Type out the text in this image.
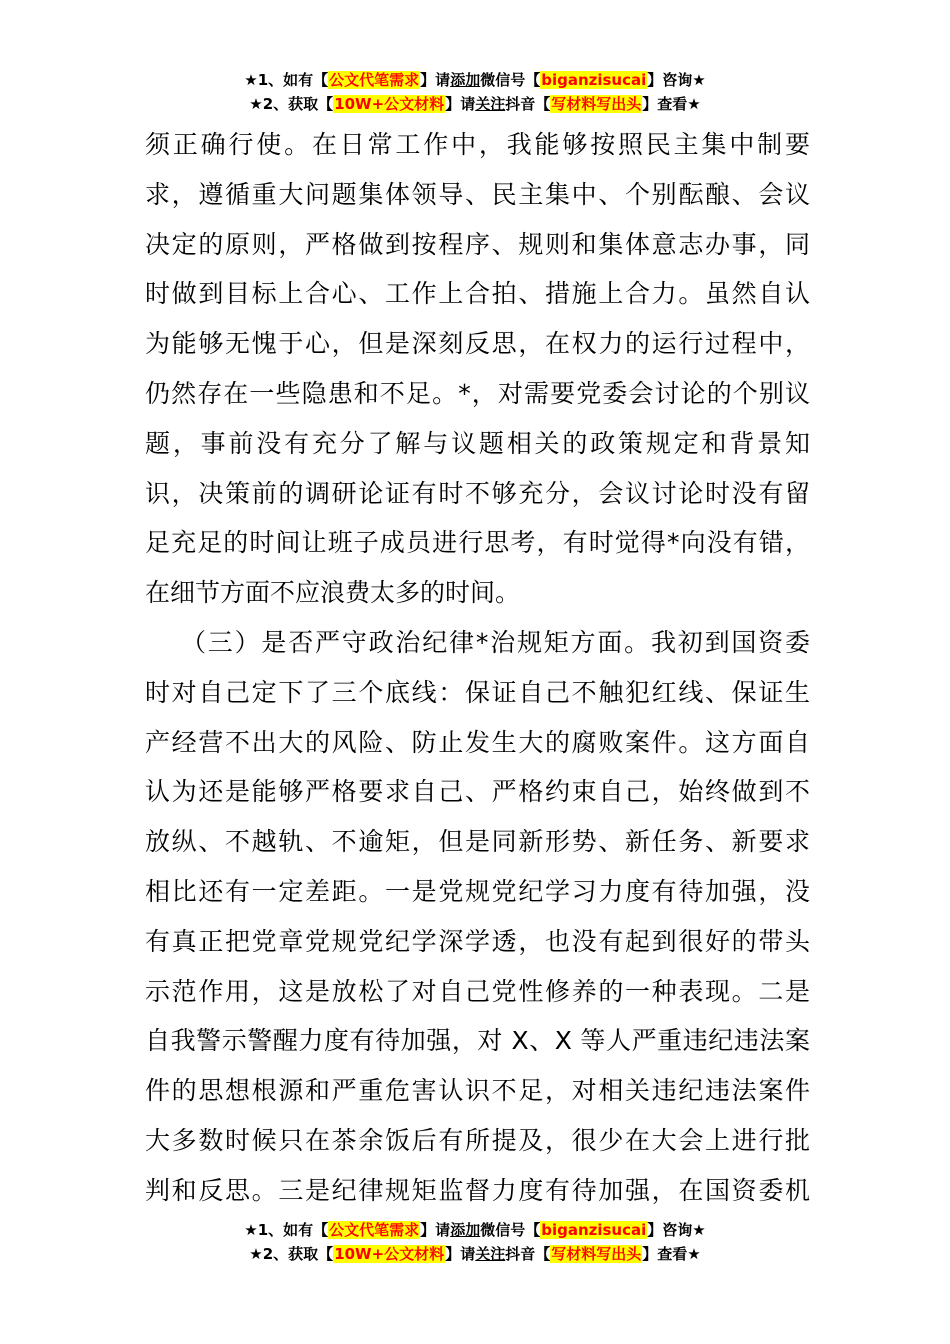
★1、如有【公文代笔需求】请添加微信号【biganzisucai】咨询★
★2、获取【10W+公文材料】请关注抖音【写材料写出头】查看★
须正确行使。在日常工作中，我能够按照民主集中制要
求，遵循重大问题集体领导、民主集中、个别酝酿、会议
决定的原则，严格做到按程序、规则和集体意志办事，同
时做到目标上合心、工作上合拍、措施上合力。虽然自认
为能够无愧于心，但是深刻反思，在权力的运行过程中，
仍然存在一些隐患和不足。*，对需要党委会讨论的个别议
题，事前没有充分了解与议题相关的政策规定和背景知
识，决策前的调研论证有时不够充分，会议讨论时没有留
足充足的时间让班子成员进行思考，有时觉得*向没有错，
在细节方面不应浪费太多的时间。
（三）是否严守政治纪律*治规矩方面。我初到国资委
时对自己定下了三个底线：保证自己不触犯红线、保证生
产经营不出大的风险、防止发生大的腐败案件。这方面自
认为还是能够严格要求自己、严格约束自己，始终做到不
放纵、不越轨、不逾矩，但是同新形势、新任务、新要求
相比还有一定差距。一是党规党纪学习力度有待加强，没
有真正把党章党规党纪学深学透，也没有起到很好的带头
示范作用，这是放松了对自己党性修养的一种表现。二是
自我警示警醒力度有待加强，对 X、X 等人严重违纪违法案
件的思想根源和严重危害认识不足，对相关违纪违法案件
大多数时候只在茶余饭后有所提及，很少在大会上进行批
判和反思。三是纪律规矩监督力度有待加强，在国资委机
★1、如有【公文代笔需求】请添加微信号【biganzisucai】咨询★
★2、获取【10W+公文材料】请关注抖音【写材料写出头】查看★
